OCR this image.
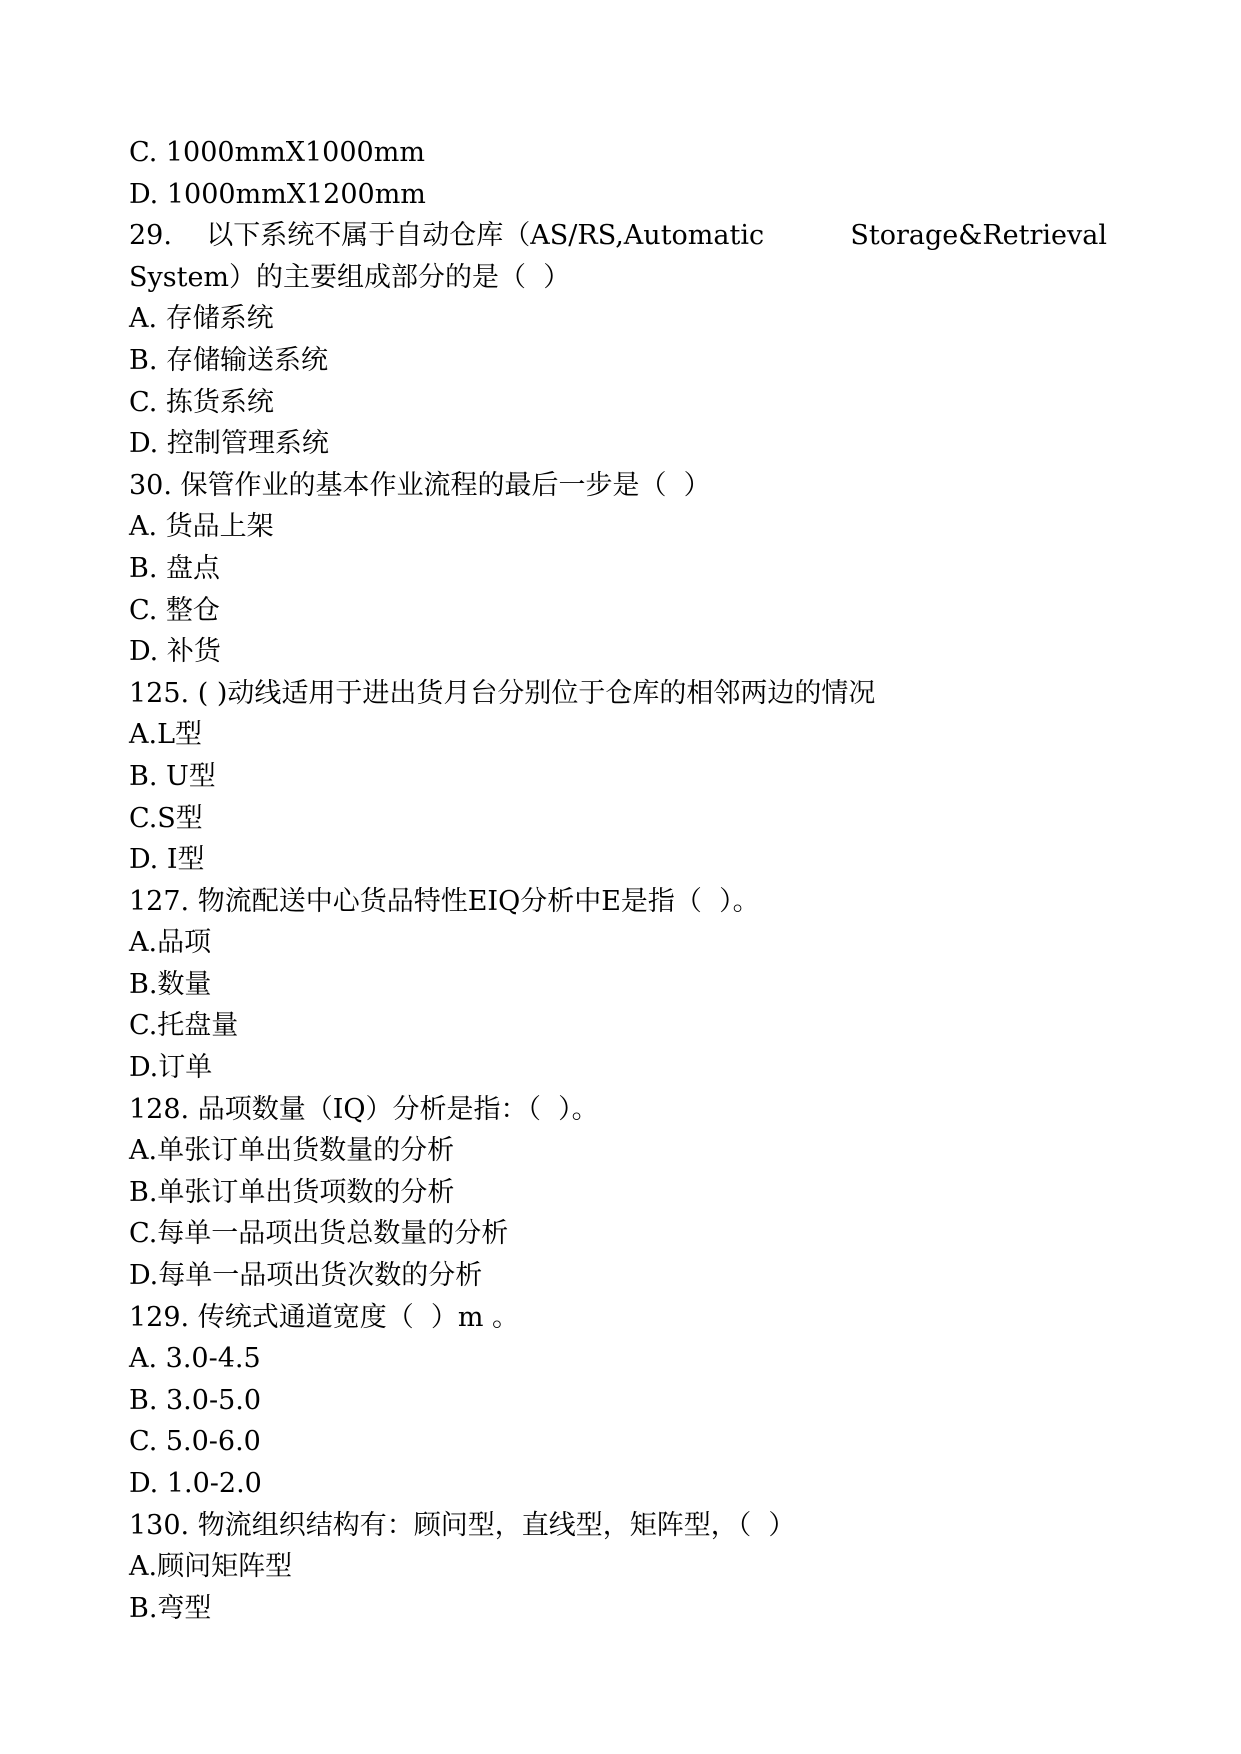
C. 1000mmX1000mm
D. 1000mmX1200mm
29.    以下系统不属于自动仓库（AS/RS,Automatic	Storage&Retrieval
System）的主要组成部分的是（  ）
A. 存储系统
B. 存储输送系统
C. 拣货系统
D. 控制管理系统
30. 保管作业的基本作业流程的最后一步是（  ）
A. 货品上架
B. 盘点
C. 整仓
D. 补货
125. ( )动线适用于进出货月台分别位于仓库的相邻两边的情况
A.L型
B. U型
C.S型
D. I型
127. 物流配送中心货品特性EIQ分析中E是指（  ）。
A.品项
B.数量
C.托盘量
D.订单
128. 品项数量（IQ）分析是指：（  ）。
A.单张订单出货数量的分析
B.单张订单出货项数的分析
C.每单一品项出货总数量的分析
D.每单一品项出货次数的分析
129. 传统式通道宽度（  ）m 。
A. 3.0-4.5
B. 3.0-5.0
C. 5.0-6.0
D. 1.0-2.0
130. 物流组织结构有：顾问型，直线型，矩阵型，（  ）
A.顾问矩阵型
B.弯型
